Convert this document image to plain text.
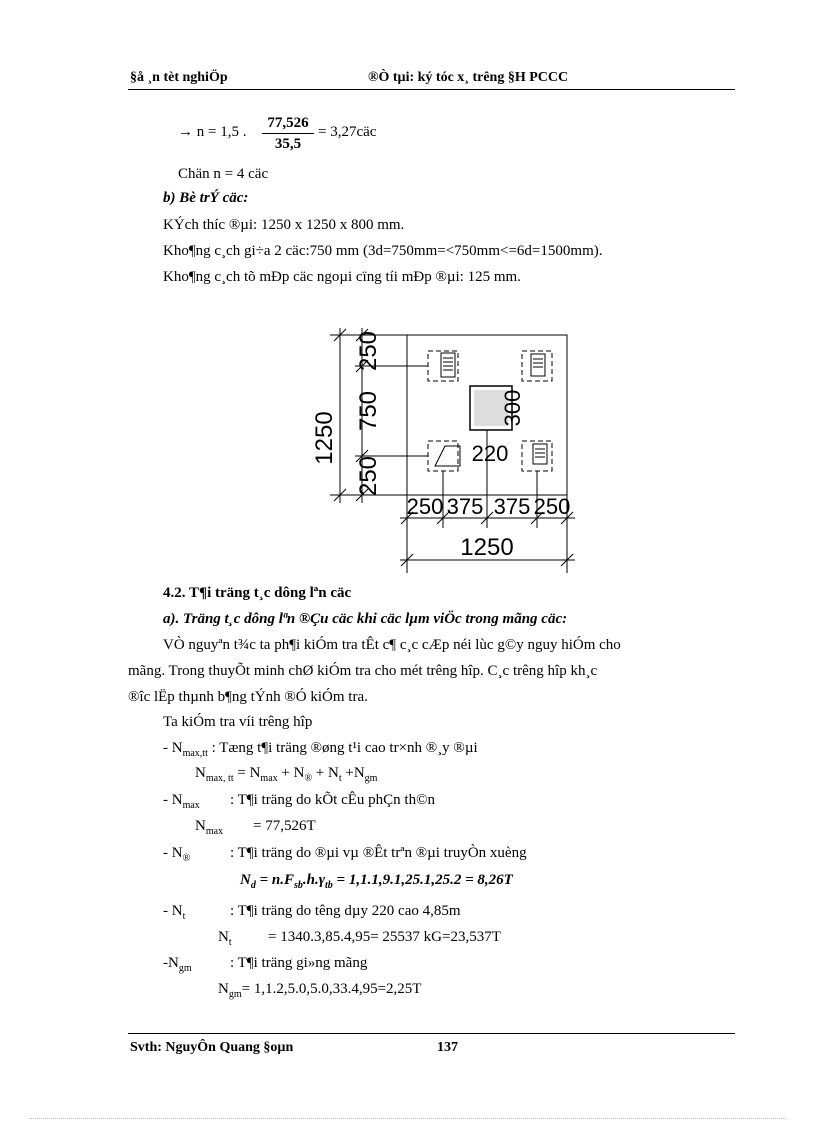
§å ¸n tèt nghiÖp	®Ò tµi: ký tóc x¸ trêng §H PCCC
→ n = 1,5 .
77,526
35,5
= 3,27cäc
Chän n = 4 cäc
b) Bè trÝ cäc:
KÝch thíc ®µi: 1250 x 1250 x 800 mm.
Kho¶ng c¸ch gi÷a 2 cäc:750 mm (3d=750mm=<750mm<=6d=1500mm).
Kho¶ng c¸ch tõ mÐp cäc ngoµi cïng tíi mÐp ®µi: 125 mm.
1250
250
750
250
300
220
250 375 375 250
1250
4.2. T¶i träng t¸c dông lªn cäc
a). Träng t¸c dông lªn ®Çu cäc khi cäc lµm viÖc trong mãng cäc:
VÒ nguyªn t¾c ta ph¶i kiÓm tra tÊt c¶ c¸c cÆp néi lùc g©y nguy hiÓm cho
mãng. Trong thuyÕt minh chØ kiÓm tra cho mét trêng hîp. C¸c trêng hîp kh¸c
®îc lËp thµnh b¶ng tÝnh ®Ó kiÓm tra.
Ta kiÓm tra víi trêng hîp
- $N_{max,tt}$ : Tæng t¶i träng ®øng t¹i cao tr×nh ®¸y ®µi
$N_{max, tt} = N_{max} + N_® + N_t +N_{gm}$
- $N_{max}$ : T¶i träng do kÕt cÊu phÇn th©n
$N_{max} = 77,526T$
- $N_®$	: T¶i träng do ®µi vµ ®Êt trªn ®µi truyÒn xuèng
$N_d = n.F_{sb}.h.\gamma_{tb} = 1,1.1,9.1,25.1,25.2 = 8,26T$
- $N_t$	: T¶i träng do têng dµy 220 cao 4,85m
$N_t = 1340.3,85.4,95= 25537$ kG=23,537T
$-N_{gm}$	: T¶i träng gi»ng mãng
$N_{gm}= 1,1.2,5.0,5.0,33.4,95=2,25T$
Svth: NguyÔn Quang §oµn	137
